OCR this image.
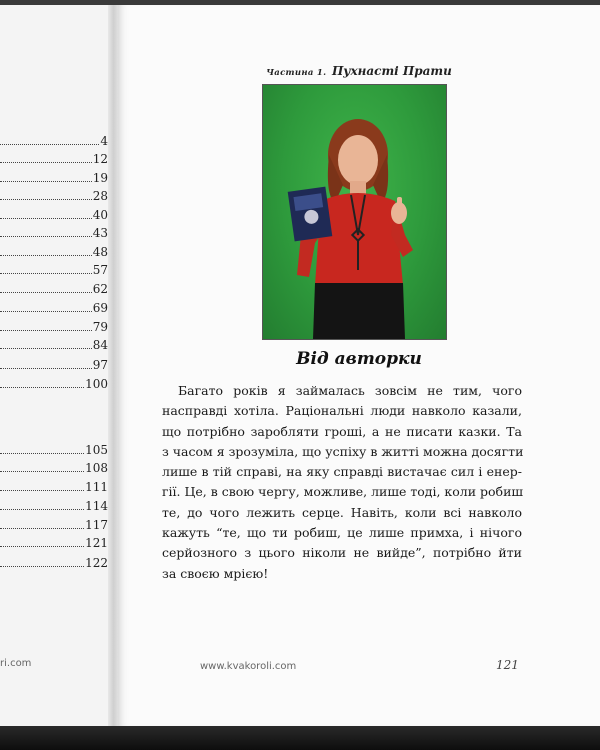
4
12
19
28
40
43
48
57
62
69
79
84
97
100
105
108
111
114
117
121
122
ri.com
Частина 1. Пухнасті Прати
Від авторки
Багато років я займалась зовсім не тим, чого
насправді хотіла. Раціональні люди навколо казали,
що потрібно заробляти гроші, а не писати казки. Та
з часом я зрозуміла, що успіху в житті можна досягти
лише в тій справі, на яку справді вистачає сил і енер-
гії. Це, в свою чергу, можливе, лише тоді, коли робиш
те, до чого лежить серце. Навіть, коли всі навколо
кажуть “те, що ти робиш, це лише примха, і нічого
серйозного з цього ніколи не вийде”, потрібно йти
за своєю мрією!
www.kvakoroli.com	121
